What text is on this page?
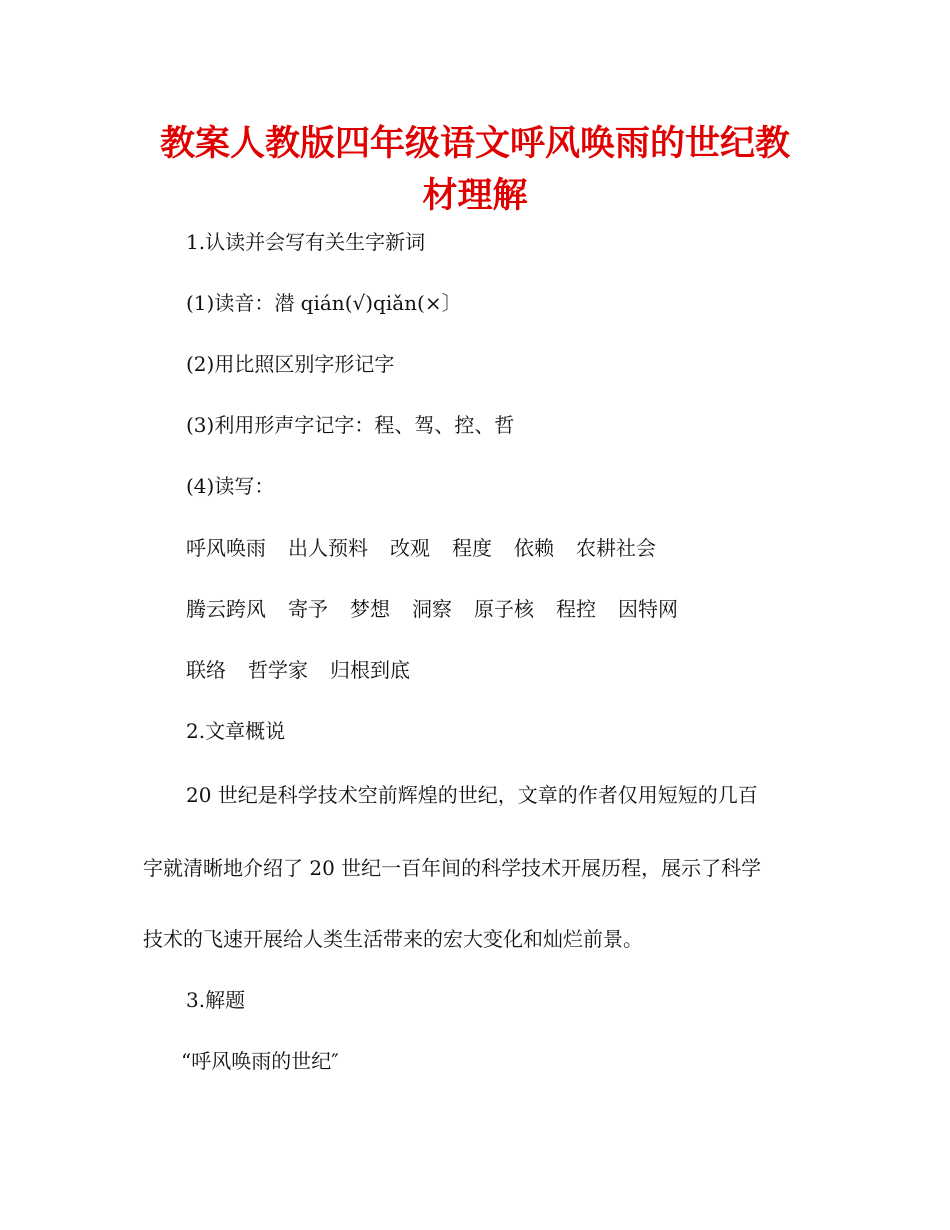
教案人教版四年级语文呼风唤雨的世纪教
材理解
1.认读并会写有关生字新词
(1)读音：潜 qián(√)qiǎn(×〕
(2)用比照区别字形记字
(3)利用形声字记字：程、驾、控、哲
(4)读写：
呼风唤雨 出人预料 改观 程度 依赖 农耕社会
腾云跨风 寄予 梦想 洞察 原子核 程控 因特网
联络 哲学家 归根到底
2.文章概说
20 世纪是科学技术空前辉煌的世纪，文章的作者仅用短短的几百
字就清晰地介绍了 20 世纪一百年间的科学技术开展历程，展示了科学
技术的飞速开展给人类生活带来的宏大变化和灿烂前景。
3.解题
“呼风唤雨的世纪″
